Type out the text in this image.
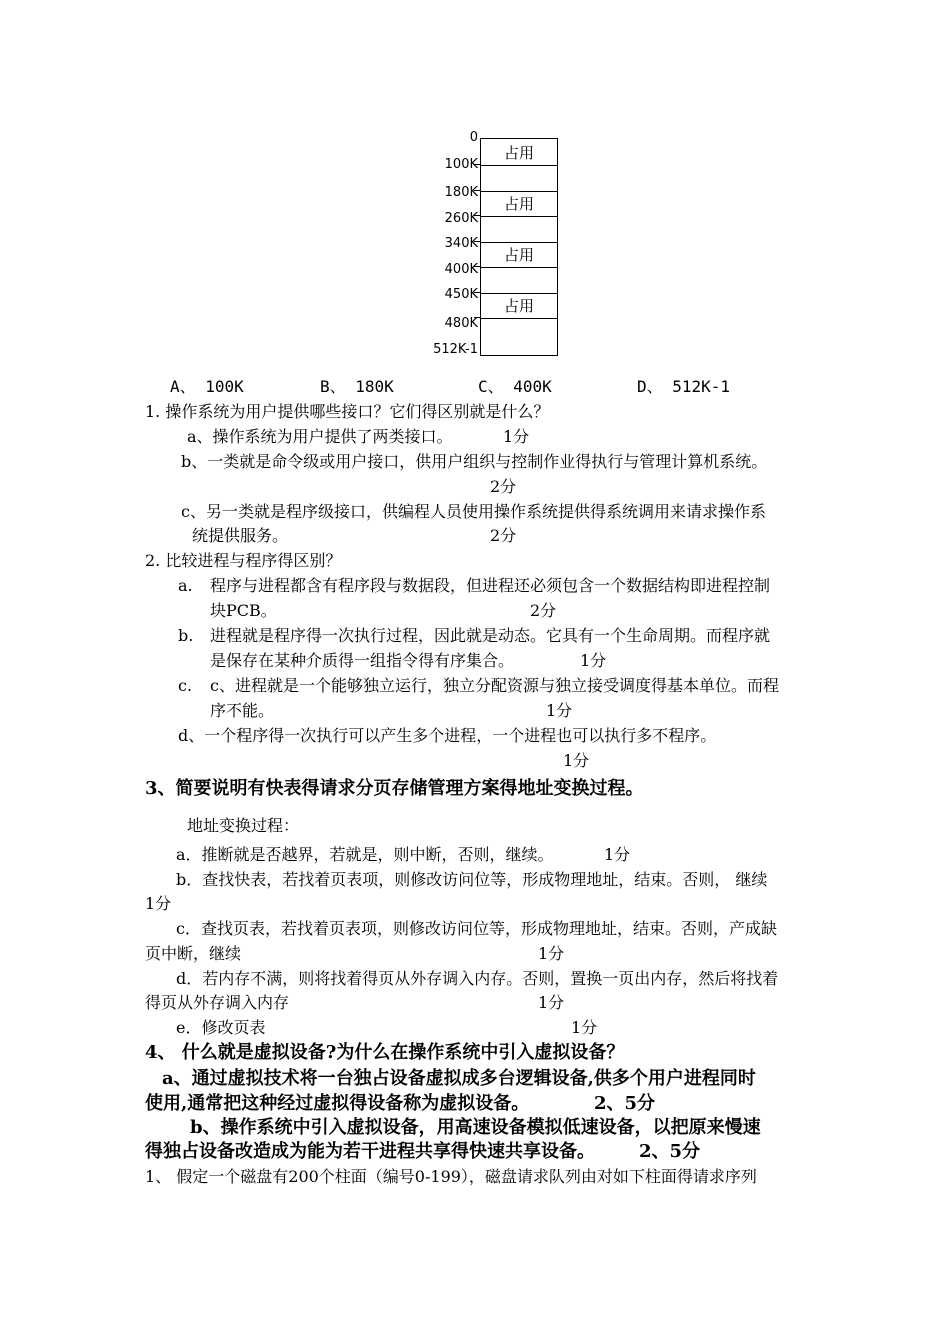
占用
占用
占用
占用
0
100K
180K
260K
340K
400K
450K
480K
512K-1
A、 100K	B、 180K	C、 400K	D、 512K-1
1. 操作系统为用户提供哪些接口？它们得区别就是什么？
a、操作系统为用户提供了两类接口。	1分
b、一类就是命令级或用户接口，供用户组织与控制作业得执行与管理计算机系统。
2分
c、另一类就是程序级接口，供编程人员使用操作系统提供得系统调用来请求操作系
统提供服务。	2分
2. 比较进程与程序得区别？
a. 程序与进程都含有程序段与数据段，但进程还必须包含一个数据结构即进程控制
块PCB。	2分
b. 进程就是程序得一次执行过程，因此就是动态。它具有一个生命周期。而程序就
是保存在某种介质得一组指令得有序集合。	1分
c. c、进程就是一个能够独立运行，独立分配资源与独立接受调度得基本单位。而程
序不能。	1分
d、一个程序得一次执行可以产生多个进程，一个进程也可以执行多不程序。
1分
3、简要说明有快表得请求分页存储管理方案得地址变换过程。
地址变换过程：
a．推断就是否越界，若就是，则中断，否则，继续。	1分
b．查找快表，若找着页表项，则修改访问位等，形成物理地址，结束。否则， 继续
1分
c．查找页表，若找着页表项，则修改访问位等，形成物理地址，结束。否则，产成缺
页中断，继续	1分
d．若内存不满，则将找着得页从外存调入内存。否则，置换一页出内存，然后将找着
得页从外存调入内存	1分
e．修改页表	1分
4、 什么就是虚拟设备?为什么在操作系统中引入虚拟设备？
a、通过虚拟技术将一台独占设备虚拟成多台逻辑设备,供多个用户进程同时
使用,通常把这种经过虚拟得设备称为虚拟设备。	2、5分
b、操作系统中引入虚拟设备，用高速设备模拟低速设备，以把原来慢速
得独占设备改造成为能为若干进程共享得快速共享设备。 2、5分
1、 假定一个磁盘有200个柱面（编号0-199），磁盘请求队列由对如下柱面得请求序列
